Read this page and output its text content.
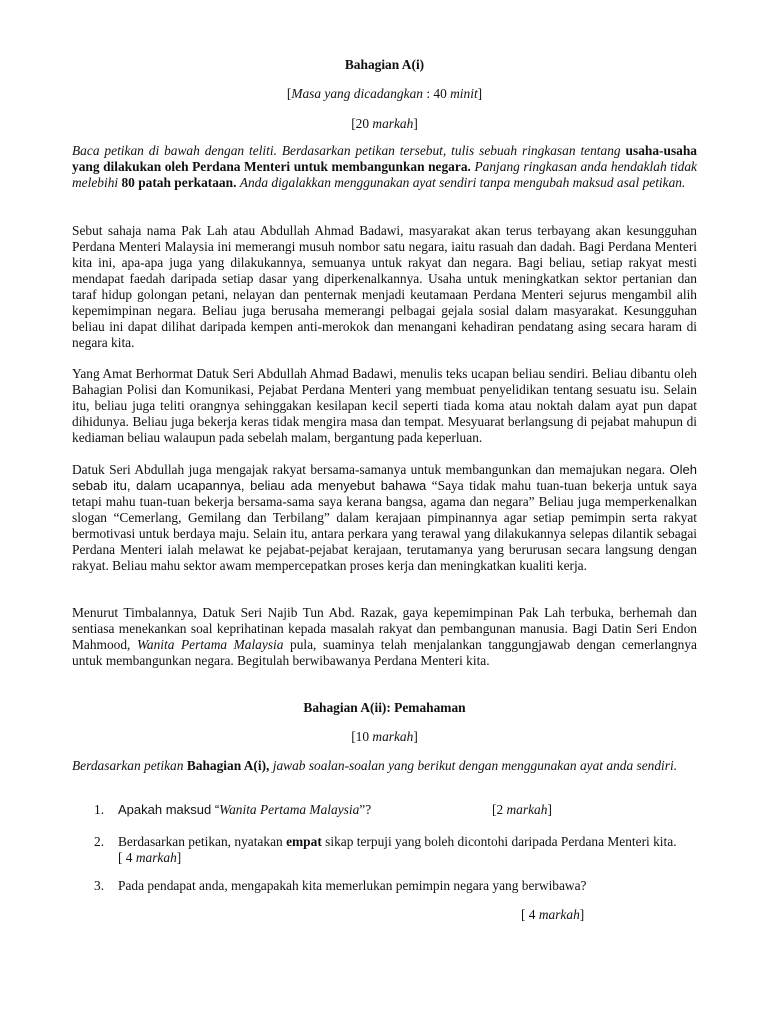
Bahagian A(i)
[Masa yang dicadangkan : 40 minit]
[20 markah]
Baca petikan di bawah dengan teliti. Berdasarkan petikan tersebut, tulis sebuah ringkasan tentang usaha-usaha yang dilakukan oleh Perdana Menteri untuk membangunkan negara. Panjang ringkasan anda hendaklah tidak melebihi 80 patah perkataan. Anda digalakkan menggunakan ayat sendiri tanpa mengubah maksud asal petikan.
Sebut sahaja nama Pak Lah atau Abdullah Ahmad Badawi, masyarakat akan terus terbayang akan kesungguhan Perdana Menteri Malaysia ini memerangi musuh nombor satu negara, iaitu rasuah dan dadah. Bagi Perdana Menteri kita ini, apa-apa juga yang dilakukannya, semuanya untuk rakyat dan negara. Bagi beliau, setiap rakyat mesti mendapat faedah daripada setiap dasar yang diperkenalkannya. Usaha untuk meningkatkan sektor pertanian dan taraf hidup golongan petani, nelayan dan penternak menjadi keutamaan Perdana Menteri sejurus mengambil alih kepemimpinan negara. Beliau juga berusaha memerangi pelbagai gejala sosial dalam masyarakat. Kesungguhan beliau ini dapat dilihat daripada kempen anti-merokok dan menangani kehadiran pendatang asing secara haram di negara kita.
Yang Amat Berhormat Datuk Seri Abdullah Ahmad Badawi, menulis teks ucapan beliau sendiri. Beliau dibantu oleh Bahagian Polisi dan Komunikasi, Pejabat Perdana Menteri yang membuat penyelidikan tentang sesuatu isu. Selain itu, beliau juga teliti orangnya sehinggakan kesilapan kecil seperti tiada koma atau noktah dalam ayat pun dapat dihidunya. Beliau juga bekerja keras tidak mengira masa dan tempat. Mesyuarat berlangsung di pejabat mahupun di kediaman beliau walaupun pada sebelah malam, bergantung pada keperluan.
Datuk Seri Abdullah juga mengajak rakyat bersama-samanya untuk membangunkan dan memajukan negara. Oleh sebab itu, dalam ucapannya, beliau ada menyebut bahawa “Saya tidak mahu tuan-tuan bekerja untuk saya tetapi mahu tuan-tuan bekerja bersama-sama saya kerana bangsa, agama dan negara” Beliau juga memperkenalkan slogan “Cemerlang, Gemilang dan Terbilang” dalam kerajaan pimpinannya agar setiap pemimpin serta rakyat bermotivasi untuk berdaya maju. Selain itu, antara perkara yang terawal yang dilakukannya selepas dilantik sebagai Perdana Menteri ialah melawat ke pejabat-pejabat kerajaan, terutamanya yang berurusan secara langsung dengan rakyat. Beliau mahu sektor awam mempercepatkan proses kerja dan meningkatkan kualiti kerja.
Menurut Timbalannya, Datuk Seri Najib Tun Abd. Razak, gaya kepemimpinan Pak Lah terbuka, berhemah dan sentiasa menekankan soal keprihatinan kepada masalah rakyat dan pembangunan manusia. Bagi Datin Seri Endon Mahmood, Wanita Pertama Malaysia pula, suaminya telah menjalankan tanggungjawab dengan cemerlangnya untuk membangunkan negara. Begitulah berwibawanya Perdana Menteri kita.
Bahagian A(ii): Pemahaman
[10 markah]
Berdasarkan petikan Bahagian A(i), jawab soalan-soalan yang berikut dengan menggunakan ayat anda sendiri.
1.	Apakah maksud “Wanita Pertama Malaysia”?	[2 markah]
2.	Berdasarkan petikan, nyatakan empat sikap terpuji yang boleh dicontohi daripada Perdana Menteri kita.
[ 4 markah]
3.	Pada pendapat anda, mengapakah kita memerlukan pemimpin negara yang berwibawa?
[ 4 markah]
